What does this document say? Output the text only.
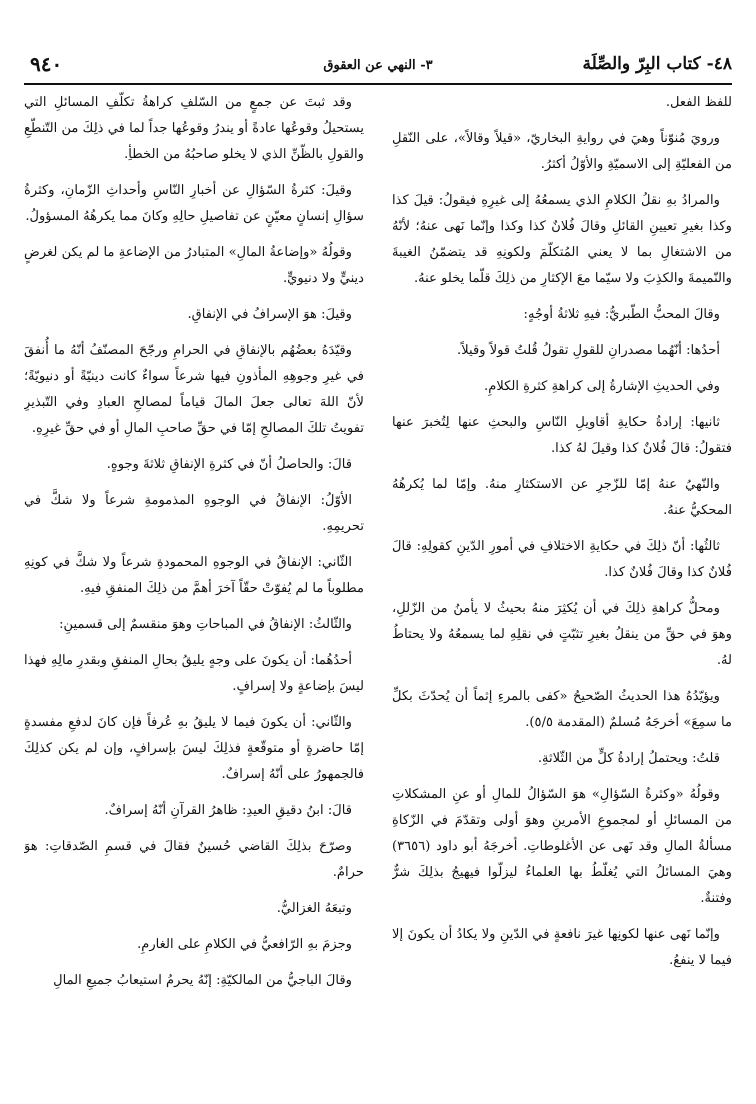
٤٨- كتاب البِرّ والصِّلَة
٣- النهي عن العقوق
٩٤٠

للفظ الفعل.

ورويَ مُنوّناً وهيَ في روايةِ البخاريّ، «قيلاً وقالاً»، على النّقلِ من الفعليّةِ إلى الاسميّةِ والأوّلُ أكثرُ.

والمرادُ بهِ نقلُ الكلامِ الذي يسمعُهُ إلى غيرِهِ فيقولُ: قيلَ كذا وكذا بغيرِ تعيينِ القائلِ وقالَ فُلانٌ كذا وكذا وإنّما نَهى عنهُ؛ لأنّهُ من الاشتغالِ بما لا يعني المُتكلّمَ ولكونِهِ قد يتضمّنُ الغيبةَ والنّميمةَ والكذِبَ ولا سيّما معَ الإكثارِ من ذلِكَ قلّما يخلو عنهُ.

وقالَ المحبُّ الطّبريُّ: فيهِ ثلاثةُ أوجُهٍ:

أحدُها: أنّهُما مصدرانِ للقولِ تقولُ قُلتُ قولاً وقيلاً.

وفي الحديثِ الإشارةُ إلى كراهةِ كثرةِ الكلامِ.

ثانيها: إرادةُ حكايةِ أقاويلِ النّاسِ والبحثِ عنها لِتُخبرَ عنها فتقولُ: قالَ فُلانٌ كذا وقيلَ لهُ كذا.

والنّهيُ عنهُ إمّا للزّجرِ عن الاستكثارِ منهُ. وإمّا لما يُكرهُهُ المحكيُّ عنهُ.

ثالثُها: أنّ ذلِكَ في حكايةِ الاختلافِ في أمورِ الدّينِ كقولِهِ: قالَ فُلانٌ كذا وقالَ فُلانٌ كذا.

ومحلُّ كراهةِ ذلِكَ في أن يُكثِرَ منهُ بحيثُ لا يأمنُ من الزّللِ، وهوَ في حقِّ من ينقلُ بغيرِ تثبّتٍ في نقلِهِ لما يسمعُهُ ولا يحتاطُ لهُ.

ويؤيّدُهُ هذا الحديثُ الصّحيحُ «كفى بالمرءِ إثماً أن يُحدّثَ بكلِّ ما سمِعَ» أخرجَهُ مُسلمٌ (المقدمة ٥/٥).

قلتُ: ويحتملُ إرادةُ كلٍّ من الثّلاثةِ.

وقولُهُ «وكثرةُ السّؤالِ» هوَ السّؤالُ للمالِ أو عنِ المشكلاتِ من المسائلِ أو لمجموعِ الأمرينِ وهوَ أولى وتقدّمَ في الزّكاةِ مسألةُ المالِ وقد نَهى عن الأغلوطاتِ. أخرجَهُ أبو داود (٣٦٥٦) وهيَ المسائلُ التي يُغلّطُ بها العلماءُ ليزلّوا فيهيجُ بذلِكَ شرٌّ وفتنةٌ.

وإنّما نَهى عنها لكونِها غيرَ نافعةٍ في الدّينِ ولا يكادُ أن يكونَ إلا فيما لا ينفعُ.

وقد ثبتَ عن جمعٍ من السّلفِ كراهةُ تكلّفِ المسائلِ التي يستحيلُ وقوعُها عادةً أو يندرُ وقوعُها جداً لما في ذلِكَ من التّنطّعِ والقولِ بالظّنِّ الذي لا يخلو صاحبُهُ من الخطأِ.

وقيلَ: كثرةُ السّؤالِ عن أخبارِ النّاسِ وأحداثِ الزّمانِ، وكثرةُ سؤالِ إنسانٍ معيّنٍ عن تفاصيلِ حالِهِ وكانَ مما يكرهُهُ المسؤولُ.

وقولُهُ «وإضاعةُ المالِ» المتبادرُ من الإضاعةِ ما لم يكن لغرضٍ دينيٍّ ولا دنيويٍّ.

وقيلَ: هوَ الإسرافُ في الإنفاقِ.

وقيّدَهُ بعضُهُم بالإنفاقِ في الحرامِ ورجّحَ المصنّفُ أنّهُ ما أُنفقَ في غيرِ وجوهِهِ المأذونِ فيها شرعاً سواءٌ كانت دينيّةً أو دنيويّةً؛ لأنّ اللهَ تعالى جعلَ المالَ قياماً لمصالحِ العبادِ وفي التّبذيرِ تفويتُ تلكَ المصالحِ إمّا في حقِّ صاحبِ المالِ أو في حقِّ غيرِهِ.

قالَ: والحاصلُ أنّ في كثرةِ الإنفاقِ ثلاثةَ وجوهٍ.

الأوّلُ: الإنفاقُ في الوجوهِ المذمومةِ شرعاً ولا شكَّ في تحريمِهِ.

الثّاني: الإنفاقُ في الوجوهِ المحمودةِ شرعاً ولا شكَّ في كونِهِ مطلوباً ما لم يُفوّتْ حقّاً آخرَ أهمَّ من ذلِكَ المنفقِ فيهِ.

والثّالثُ: الإنفاقُ في المباحاتِ وهوَ منقسمٌ إلى قسمينِ:

أحدُهُما: أن يكونَ على وجهٍ يليقُ بحالِ المنفقِ وبقدرِ مالِهِ فهذا ليسَ بإضاعةٍ ولا إسرافٍ.

والثّاني: أن يكونَ فيما لا يليقُ بهِ عُرفاً فإن كانَ لدفعِ مفسدةٍ إمّا حاضرةٍ أو متوقّعةٍ فذلِكَ ليسَ بإسرافٍ، وإن لم يكن كذلِكَ فالجمهورُ على أنّهُ إسرافٌ.

قالَ: ابنُ دقيقِ العيدِ: ظاهرُ القرآنِ أنّهُ إسرافٌ.

وصرّحَ بذلِكَ القاضي حُسينٌ فقالَ في قسمِ الصّدقاتِ: هوَ حرامٌ.

وتبعَهُ الغزاليُّ.

وجزمَ بهِ الرّافعيُّ في الكلامِ على الغارمِ.

وقالَ الباجيُّ من المالكيّةِ: إنّهُ يحرمُ استيعابُ جميعِ المالِ
